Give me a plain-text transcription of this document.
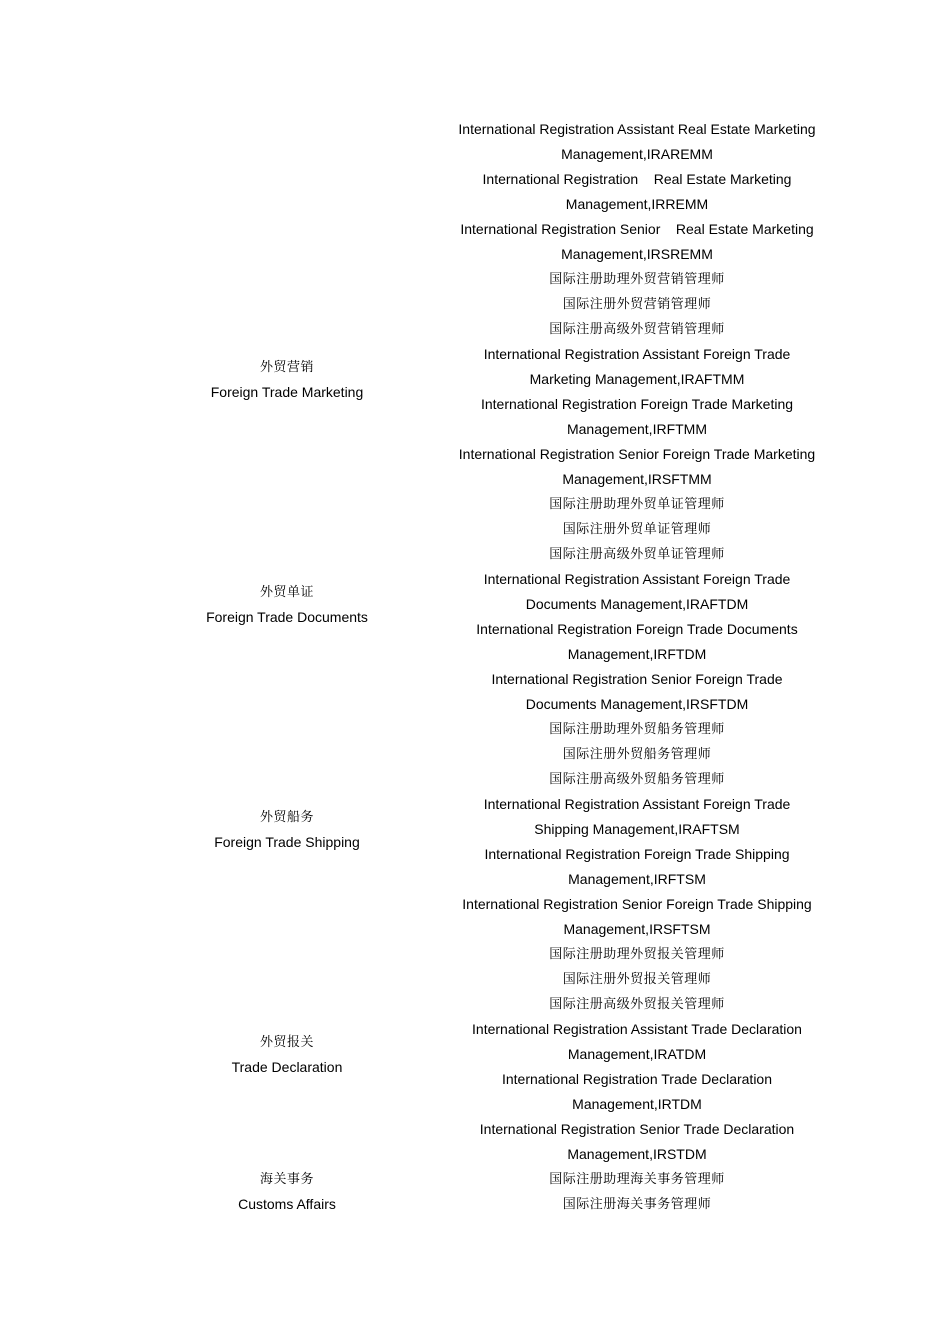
International Registration Assistant Real Estate Marketing
Management,IRAREMM
International Registration    Real Estate Marketing
Management,IRREMM
International Registration Senior    Real Estate Marketing
Management,IRSREMM
外贸营销
Foreign Trade Marketing
国际注册助理外贸营销管理师
国际注册外贸营销管理师
国际注册高级外贸营销管理师
International Registration Assistant Foreign Trade
Marketing Management,IRAFTMM
International Registration Foreign Trade Marketing
Management,IRFTMM
International Registration Senior Foreign Trade Marketing
Management,IRSFTMM
外贸单证
Foreign Trade Documents
国际注册助理外贸单证管理师
国际注册外贸单证管理师
国际注册高级外贸单证管理师
International Registration Assistant Foreign Trade
Documents Management,IRAFTDM
International Registration Foreign Trade Documents
Management,IRFTDM
International Registration Senior Foreign Trade
Documents Management,IRSFTDM
外贸船务
Foreign Trade Shipping
国际注册助理外贸船务管理师
国际注册外贸船务管理师
国际注册高级外贸船务管理师
International Registration Assistant Foreign Trade
Shipping Management,IRAFTSM
International Registration Foreign Trade Shipping
Management,IRFTSM
International Registration Senior Foreign Trade Shipping
Management,IRSFTSM
外贸报关
Trade Declaration
国际注册助理外贸报关管理师
国际注册外贸报关管理师
国际注册高级外贸报关管理师
International Registration Assistant Trade Declaration
Management,IRATDM
International Registration Trade Declaration
Management,IRTDM
International Registration Senior Trade Declaration
Management,IRSTDM
海关事务
Customs Affairs
国际注册助理海关事务管理师
国际注册海关事务管理师
